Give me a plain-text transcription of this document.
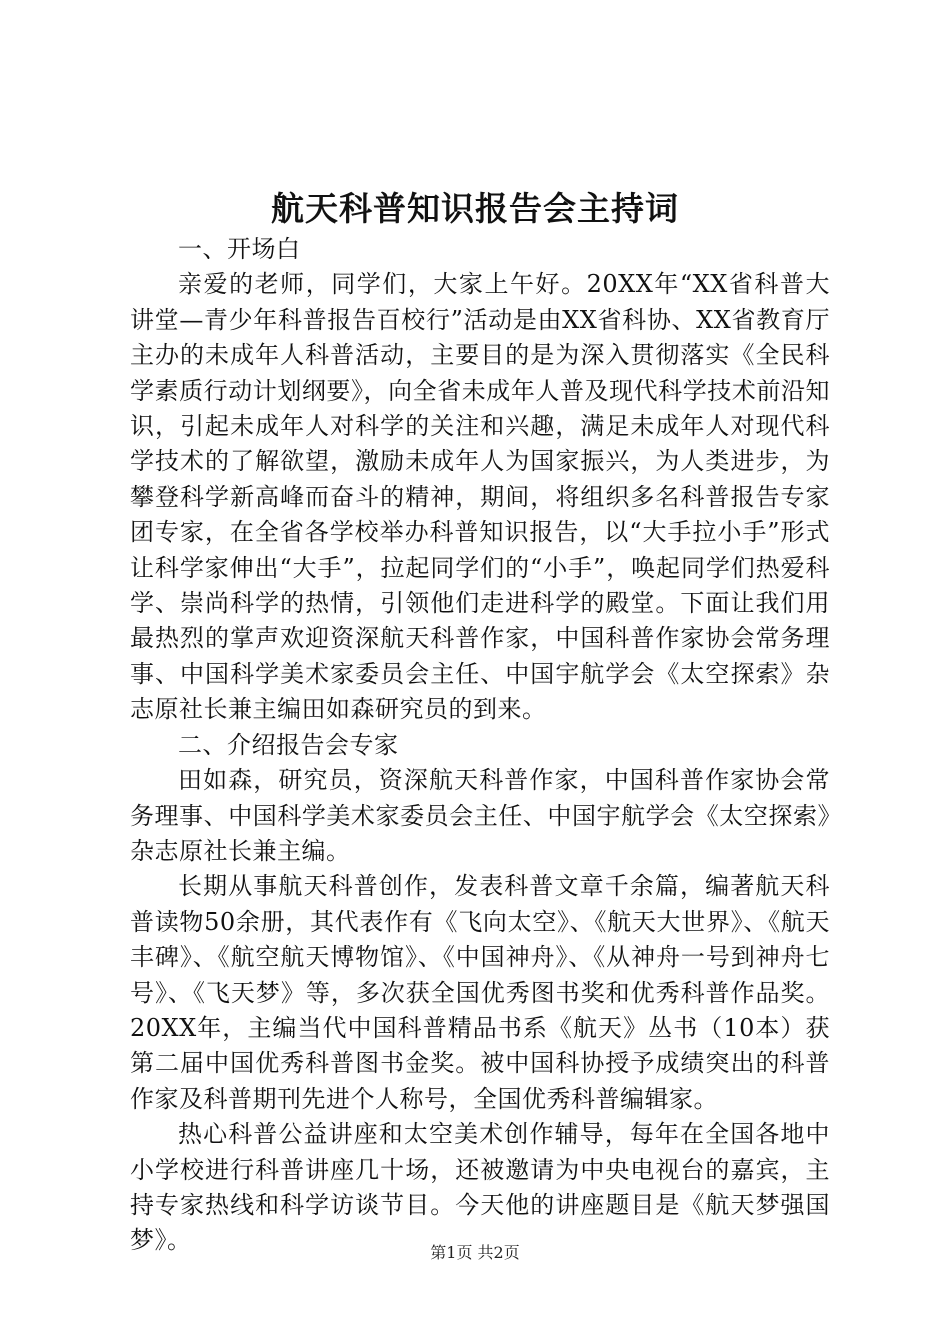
航天科普知识报告会主持词

一、开场白

亲爱的老师，同学们，大家上午好。20XX年“XX省科普大讲堂—青少年科普报告百校行”活动是由XX省科协、XX省教育厅主办的未成年人科普活动，主要目的是为深入贯彻落实《全民科学素质行动计划纲要》，向全省未成年人普及现代科学技术前沿知识，引起未成年人对科学的关注和兴趣，满足未成年人对现代科学技术的了解欲望，激励未成年人为国家振兴，为人类进步，为攀登科学新高峰而奋斗的精神，期间，将组织多名科普报告专家团专家，在全省各学校举办科普知识报告，以“大手拉小手”形式让科学家伸出“大手”，拉起同学们的“小手”，唤起同学们热爱科学、崇尚科学的热情，引领他们走进科学的殿堂。下面让我们用最热烈的掌声欢迎资深航天科普作家，中国科普作家协会常务理事、中国科学美术家委员会主任、中国宇航学会《太空探索》杂志原社长兼主编田如森研究员的到来。

二、介绍报告会专家

田如森，研究员，资深航天科普作家，中国科普作家协会常务理事、中国科学美术家委员会主任、中国宇航学会《太空探索》杂志原社长兼主编。

长期从事航天科普创作，发表科普文章千余篇，编著航天科普读物50余册，其代表作有《飞向太空》、《航天大世界》、《航天丰碑》、《航空航天博物馆》、《中国神舟》、《从神舟一号到神舟七号》、《飞天梦》等，多次获全国优秀图书奖和优秀科普作品奖。20XX年，主编当代中国科普精品书系《航天》丛书（10本）获第二届中国优秀科普图书金奖。被中国科协授予成绩突出的科普作家及科普期刊先进个人称号，全国优秀科普编辑家。

热心科普公益讲座和太空美术创作辅导，每年在全国各地中小学校进行科普讲座几十场，还被邀请为中央电视台的嘉宾，主持专家热线和科学访谈节目。今天他的讲座题目是《航天梦强国梦》。	第1页 共2页
